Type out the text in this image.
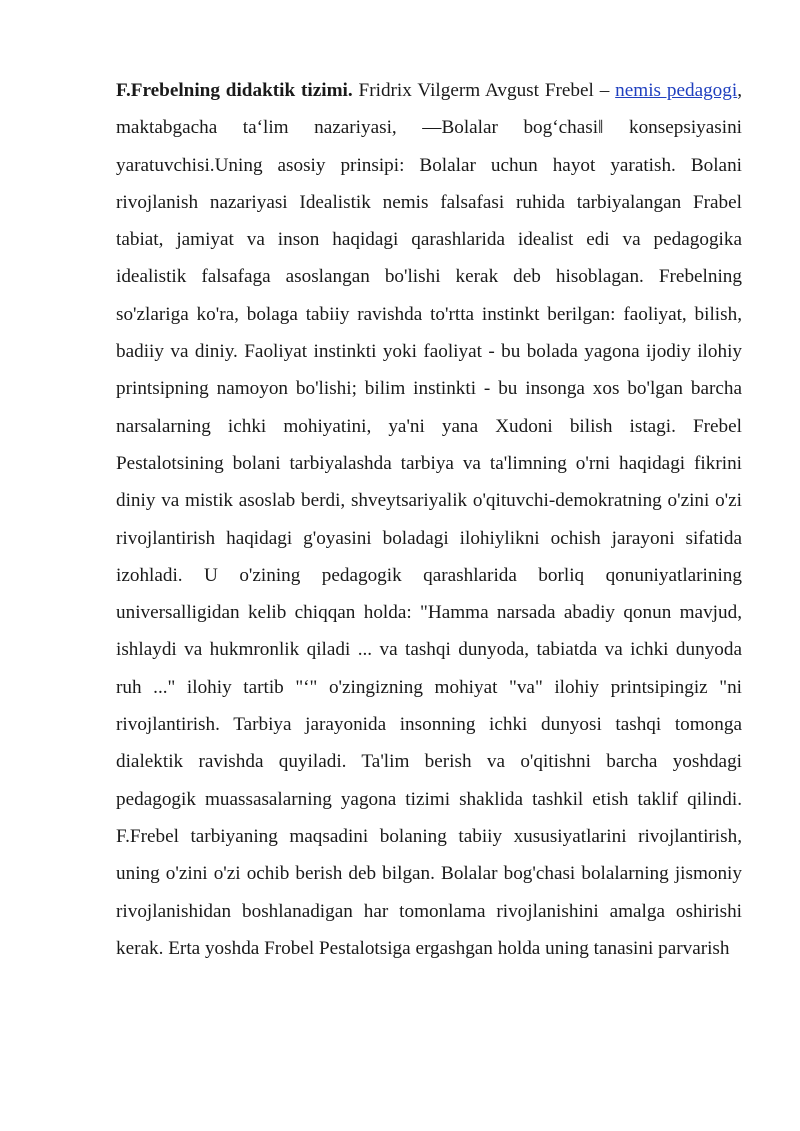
F.Frebelning didaktik tizimi. Fridrix Vilgerm Avgust Frebel – nemis pedagogi, maktabgacha taʻlim nazariyasi, ―Bolalar bogʻchasi‖ konsepsiyasini yaratuvchisi.Uning asosiy prinsipi: Bolalar uchun hayot yaratish. Bolani rivojlanish nazariyasi Idealistik nemis falsafasi ruhida tarbiyalangan Frabel tabiat, jamiyat va inson haqidagi qarashlarida idealist edi va pedagogika idealistik falsafaga asoslangan bo'lishi kerak deb hisoblagan. Frebelning so'zlariga ko'ra, bolaga tabiiy ravishda to'rtta instinkt berilgan: faoliyat, bilish, badiiy va diniy. Faoliyat instinkti yoki faoliyat - bu bolada yagona ijodiy ilohiy printsipning namoyon bo'lishi; bilim instinkti - bu insonga xos bo'lgan barcha narsalarning ichki mohiyatini, ya'ni yana Xudoni bilish istagi. Frebel Pestalotsining bolani tarbiyalashda tarbiya va ta'limning o'rni haqidagi fikrini diniy va mistik asoslab berdi, shveytsariyalik o'qituvchi-demokratning o'zini o'zi rivojlantirish haqidagi g'oyasini boladagi ilohiylikni ochish jarayoni sifatida izohladi. U o'zining pedagogik qarashlarida borliq qonuniyatlarining universalligidan kelib chiqqan holda: "Hamma narsada abadiy qonun mavjud, ishlaydi va hukmronlik qiladi ... va tashqi dunyoda, tabiatda va ichki dunyoda ruh ..." ilohiy tartib "‘" o'zingizning mohiyat "va" ilohiy printsipingiz "ni rivojlantirish. Tarbiya jarayonida insonning ichki dunyosi tashqi tomonga dialektik ravishda quyiladi. Ta'lim berish va o'qitishni barcha yoshdagi pedagogik muassasalarning yagona tizimi shaklida tashkil etish taklif qilindi. F.Frebel tarbiyaning maqsadini bolaning tabiiy xususiyatlarini rivojlantirish, uning o'zini o'zi ochib berish deb bilgan. Bolalar bog'chasi bolalarning jismoniy rivojlanishidan boshlanadigan har tomonlama rivojlanishini amalga oshirishi kerak. Erta yoshda Frobel Pestalotsiga ergashgan holda uning tanasini parvarish
